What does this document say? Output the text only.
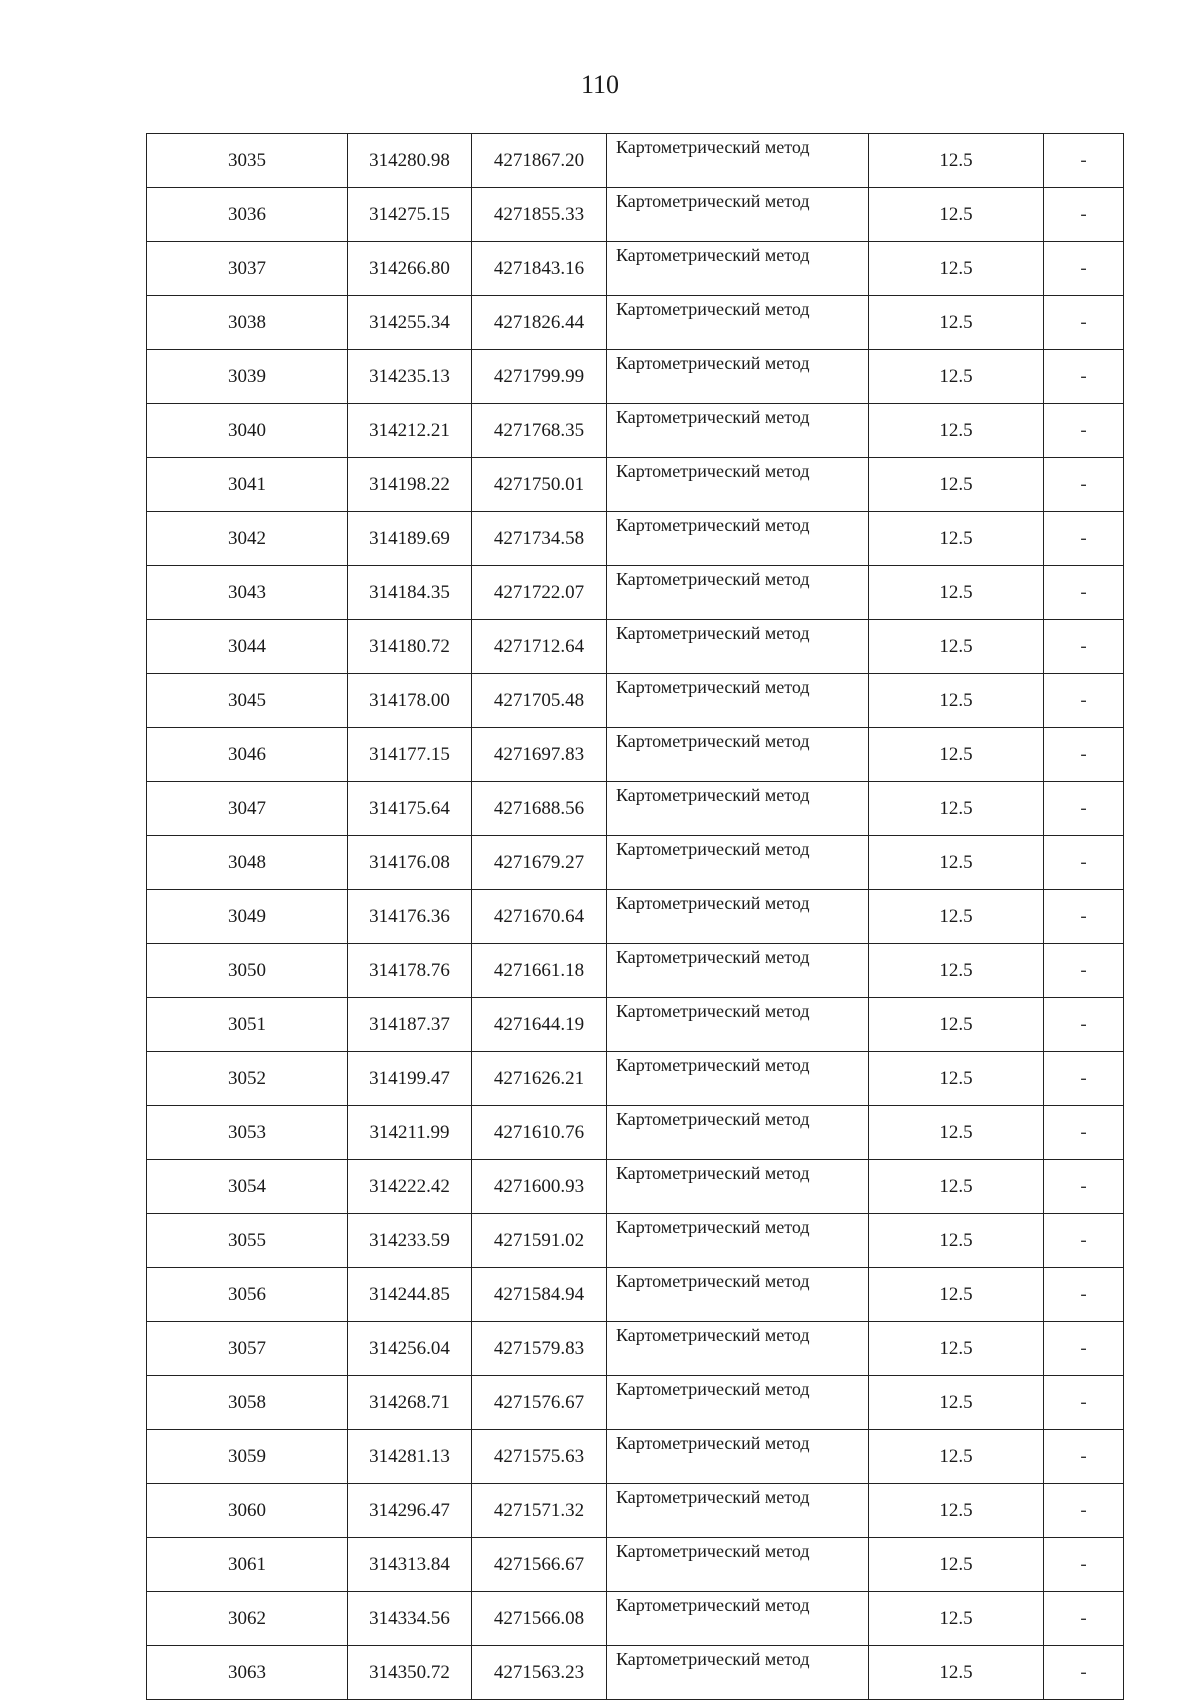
110
3035	314280.98	4271867.20	Картометрический метод	12.5	-
3036	314275.15	4271855.33	Картометрический метод	12.5	-
3037	314266.80	4271843.16	Картометрический метод	12.5	-
3038	314255.34	4271826.44	Картометрический метод	12.5	-
3039	314235.13	4271799.99	Картометрический метод	12.5	-
3040	314212.21	4271768.35	Картометрический метод	12.5	-
3041	314198.22	4271750.01	Картометрический метод	12.5	-
3042	314189.69	4271734.58	Картометрический метод	12.5	-
3043	314184.35	4271722.07	Картометрический метод	12.5	-
3044	314180.72	4271712.64	Картометрический метод	12.5	-
3045	314178.00	4271705.48	Картометрический метод	12.5	-
3046	314177.15	4271697.83	Картометрический метод	12.5	-
3047	314175.64	4271688.56	Картометрический метод	12.5	-
3048	314176.08	4271679.27	Картометрический метод	12.5	-
3049	314176.36	4271670.64	Картометрический метод	12.5	-
3050	314178.76	4271661.18	Картометрический метод	12.5	-
3051	314187.37	4271644.19	Картометрический метод	12.5	-
3052	314199.47	4271626.21	Картометрический метод	12.5	-
3053	314211.99	4271610.76	Картометрический метод	12.5	-
3054	314222.42	4271600.93	Картометрический метод	12.5	-
3055	314233.59	4271591.02	Картометрический метод	12.5	-
3056	314244.85	4271584.94	Картометрический метод	12.5	-
3057	314256.04	4271579.83	Картометрический метод	12.5	-
3058	314268.71	4271576.67	Картометрический метод	12.5	-
3059	314281.13	4271575.63	Картометрический метод	12.5	-
3060	314296.47	4271571.32	Картометрический метод	12.5	-
3061	314313.84	4271566.67	Картометрический метод	12.5	-
3062	314334.56	4271566.08	Картометрический метод	12.5	-
3063	314350.72	4271563.23	Картометрический метод	12.5	-
